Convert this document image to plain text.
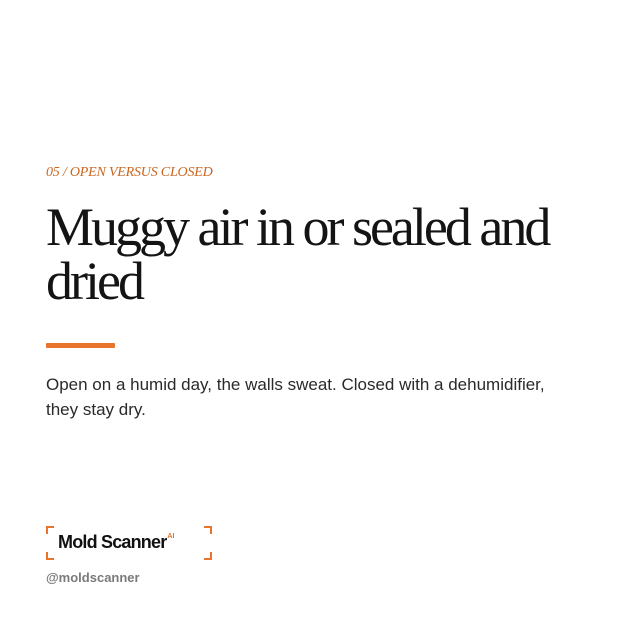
05 / OPEN VERSUS CLOSED
Muggy air in or sealed and dried

Open on a humid day, the walls sweat. Closed with a dehumidifier, they stay dry.

Mold Scanner$^{AI}$
@moldscanner
